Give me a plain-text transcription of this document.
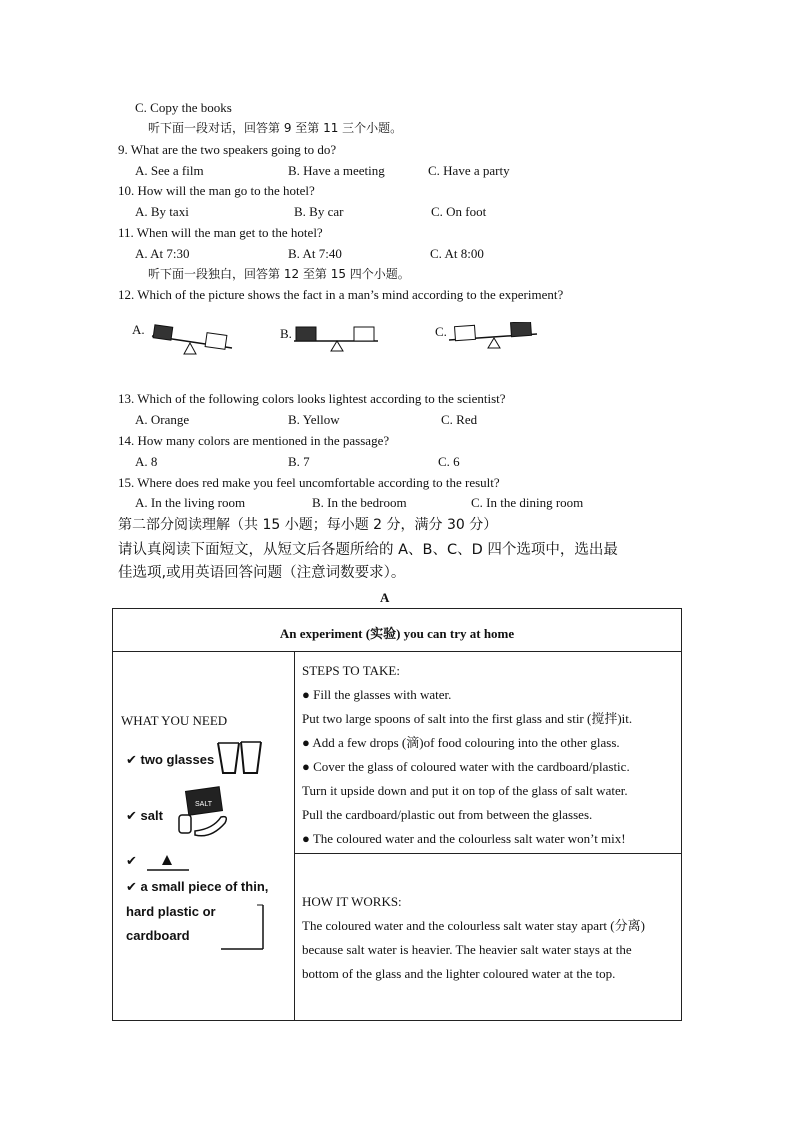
C. Copy the books
听下面一段对话，回答第 9 至第 11 三个小题。
9. What are the two speakers going to do?
A. See a film	B. Have a meeting	C. Have a party
10. How will the man go to the hotel?
A. By taxi	B. By car	C. On foot
11. When will the man get to the hotel?
A. At 7:30	B. At 7:40	C. At 8:00
听下面一段独白，回答第 12 至第 15 四个小题。
12. Which of the picture shows the fact in a man’s mind according to the experiment?
A.	B.	C.
13. Which of the following colors looks lightest according to the scientist?
A. Orange	B. Yellow	C. Red
14. How many colors are mentioned in the passage?
A. 8	B. 7	C. 6
15. Where does red make you feel uncomfortable according to the result?
A. In the living room	B. In the bedroom	C. In the dining room
第二部分阅读理解（共 15 小题；每小题 2 分，满分 30 分）
请认真阅读下面短文，从短文后各题所给的 A、B、C、D 四个选项中，选出最
佳选项,或用英语回答问题（注意词数要求）。
A
An experiment (实验) you can try at home
WHAT YOU NEED
✔ two glasses
✔ salt
SALT
✔
✔ a small piece of thin,
hard plastic or
cardboard
STEPS TO TAKE:
● Fill the glasses with water.
Put two large spoons of salt into the first glass and stir (搅拌)it.
● Add a few drops (滴)of food colouring into the other glass.
● Cover the glass of coloured water with the cardboard/plastic.
Turn it upside down and put it on top of the glass of salt water.
Pull the cardboard/plastic out from between the glasses.
● The coloured water and the colourless salt water won’t mix!
HOW IT WORKS:
The coloured water and the colourless salt water stay apart (分离)
because salt water is heavier. The heavier salt water stays at the
bottom of the glass and the lighter coloured water at the top.
